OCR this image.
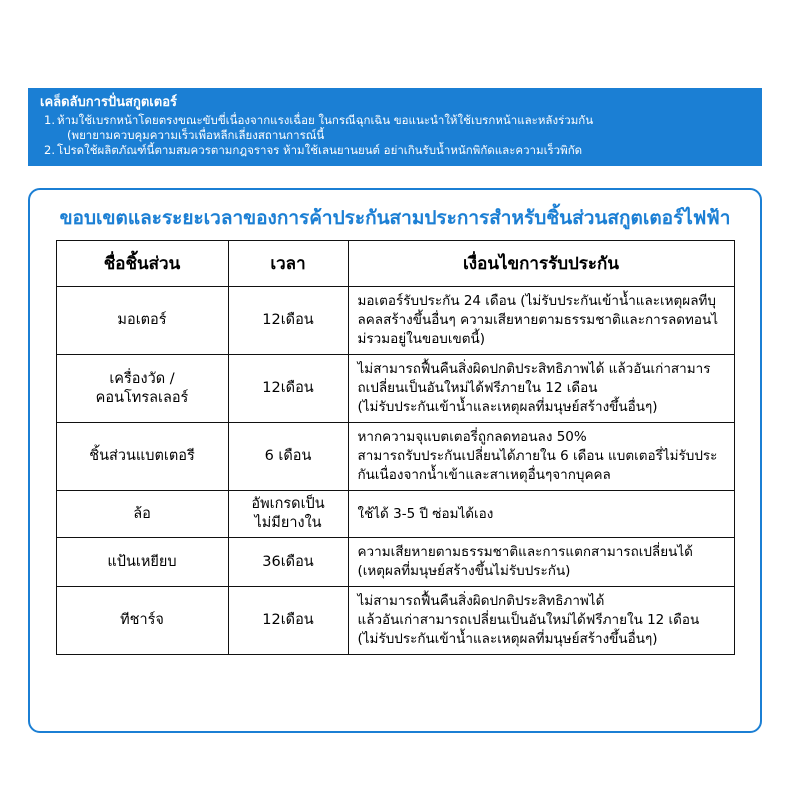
เคล็ดลับการปั่นสกูตเตอร์
1. ห้ามใช้เบรกหน้าโดยตรงขณะขับขี่เนื่องจากแรงเฉื่อย ในกรณีฉุกเฉิน ขอแนะนำให้ใช้เบรกหน้าและหลังร่วมกัน
(พยายามควบคุมความเร็วเพื่อหลีกเลี่ยงสถานการณ์นี้
2. โปรดใช้ผลิตภัณฑ์นี้ตามสมควรตามกฎจราจร ห้ามใช้เลนยานยนต์ อย่าเกินรับน้ำหนักพิกัดและความเร็วพิกัด
ขอบเขตและระยะเวลาของการค้าประกันสามประการสำหรับชิ้นส่วนสกูตเตอร์ไฟฟ้า
ชื่อชิ้นส่วน	เวลา	เงื่อนไขการรับประกัน

มอเตอร์	12เดือน	มอเตอร์รับประกัน 24 เดือน (ไม่รับประกันเข้าน้ำและเหตุผลทีบุ
ลคลสร้างขึ้นอื่นๆ ความเสียหายตามธรรมชาติและการลดทอนไ
ม่รวมอยู่ในขอบเขตนี้)

เครื่องวัด /
คอนโทรลเลอร์	12เดือน	ไม่สามารถฟื้นคืนสิ่งผิดปกติประสิทธิภาพได้ แล้วอันเก่าสามาร
ถเปลี่ยนเป็นอันใหม่ได้ฟรีภายใน 12 เดือน
(ไม่รับประกันเข้าน้ำและเหตุผลที่มนุษย์สร้างขึ้นอื่นๆ)

ชิ้นส่วนแบตเตอรี	6 เดือน	หากความจุแบตเตอรี่ถูกลดทอนลง 50%
สามารถรับประกันเปลี่ยนได้ภายใน 6 เดือน แบตเตอรี่ไม่รับประ
กันเนื่องจากน้ำเข้าและสาเหตุอื่นๆจากบุคคล

ล้อ	อัพเกรดเป็น
ไม่มียางใน	ใช้ได้ 3-5 ปี ซ่อมได้เอง

แป้นเหยียบ	36เดือน	ความเสียหายตามธรรมชาติและการแตกสามารถเปลี่ยนได้
(เหตุผลที่มนุษย์สร้างขึ้นไม่รับประกัน)

ทีชาร์จ	12เดือน	ไม่สามารถฟื้นคืนสิ่งผิดปกติประสิทธิภาพได้
แล้วอันเก่าสามารถเปลี่ยนเป็นอันใหม่ได้ฟรีภายใน 12 เดือน
(ไม่รับประกันเข้าน้ำและเหตุผลที่มนุษย์สร้างขึ้นอื่นๆ)
